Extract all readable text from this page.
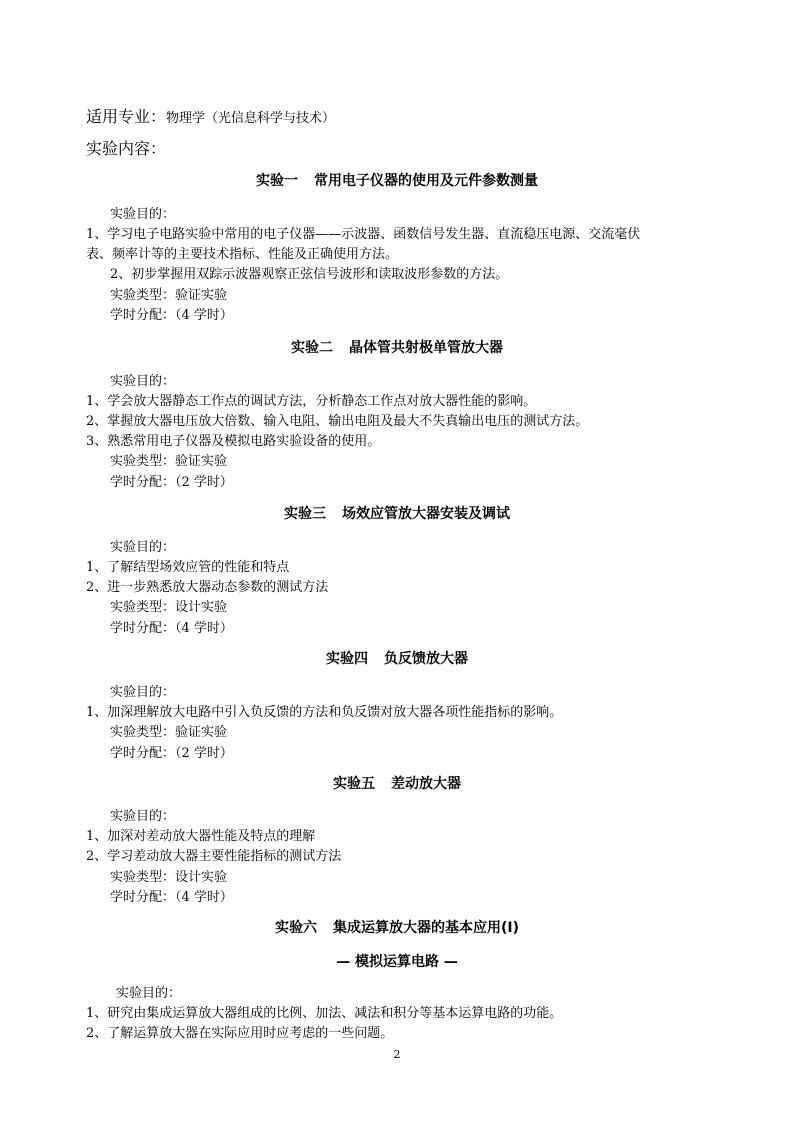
适用专业：物理学（光信息科学与技术）
实验内容：
实验一 常用电子仪器的使用及元件参数测量
实验目的：
1、学习电子电路实验中常用的电子仪器——示波器、函数信号发生器、直流稳压电源、交流毫伏
表、频率计等的主要技术指标、性能及正确使用方法。
2、初步掌握用双踪示波器观察正弦信号波形和读取波形参数的方法。
实验类型：验证实验
学时分配：（4 学时）
实验二 晶体管共射极单管放大器
实验目的：
1、学会放大器静态工作点的调试方法，分析静态工作点对放大器性能的影响。
2、掌握放大器电压放大倍数、输入电阻、输出电阻及最大不失真输出电压的测试方法。
3、熟悉常用电子仪器及模拟电路实验设备的使用。
实验类型：验证实验
学时分配：（2 学时）
实验三 场效应管放大器安装及调试
实验目的：
1、了解结型场效应管的性能和特点
2、进一步熟悉放大器动态参数的测试方法
实验类型：设计实验
学时分配：（4 学时）
实验四 负反馈放大器
实验目的：
1、加深理解放大电路中引入负反馈的方法和负反馈对放大器各项性能指标的影响。
实验类型：验证实验
学时分配：（2 学时）
实验五 差动放大器
实验目的：
1、加深对差动放大器性能及特点的理解
2、学习差动放大器主要性能指标的测试方法
实验类型：设计实验
学时分配：（4 学时）
实验六 集成运算放大器的基本应用(I)
— 模拟运算电路 —
实验目的：
1、研究由集成运算放大器组成的比例、加法、减法和积分等基本运算电路的功能。
2、了解运算放大器在实际应用时应考虑的一些问题。
2
